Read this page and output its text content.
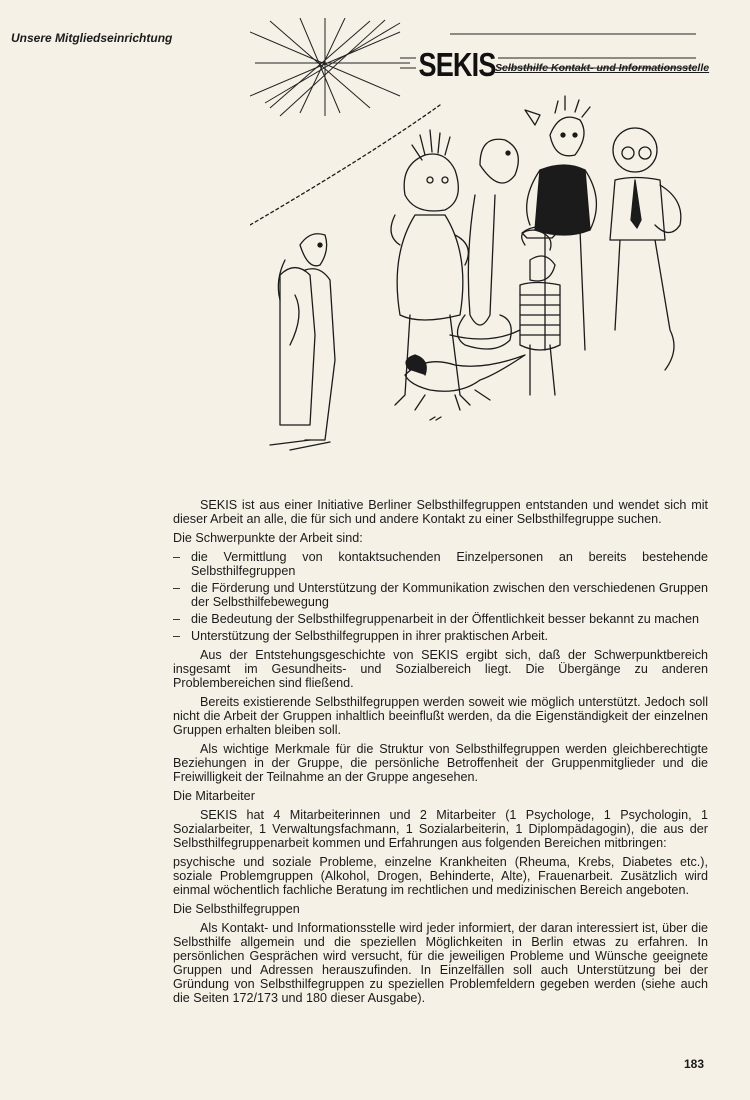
Unsere Mitgliedseinrichtung
SEKIS Selbsthilfe Kontakt- und Informationsstelle

SEKIS ist aus einer Initiative Berliner Selbsthilfegruppen entstanden und wendet sich mit dieser Arbeit an alle, die für sich und andere Kontakt zu einer Selbsthilfegruppe suchen.

Die Schwerpunkte der Arbeit sind:

– die Vermittlung von kontaktsuchenden Einzelpersonen an bereits bestehende Selbsthilfegruppen
– die Förderung und Unterstützung der Kommunikation zwischen den verschiedenen Gruppen der Selbsthilfebewegung
– die Bedeutung der Selbsthilfegruppenarbeit in der Öffentlichkeit besser bekannt zu machen
– Unterstützung der Selbsthilfegruppen in ihrer praktischen Arbeit.

Aus der Entstehungsgeschichte von SEKIS ergibt sich, daß der Schwerpunktbereich insgesamt im Gesundheits- und Sozialbereich liegt. Die Übergänge zu anderen Problembereichen sind fließend.

Bereits existierende Selbsthilfegruppen werden soweit wie möglich unterstützt. Jedoch soll nicht die Arbeit der Gruppen inhaltlich beeinflußt werden, da die Eigenständigkeit der einzelnen Gruppen erhalten bleiben soll.

Als wichtige Merkmale für die Struktur von Selbsthilfegruppen werden gleichberechtigte Beziehungen in der Gruppe, die persönliche Betroffenheit der Gruppenmitglieder und die Freiwilligkeit der Teilnahme an der Gruppe angesehen.

Die Mitarbeiter

SEKIS hat 4 Mitarbeiterinnen und 2 Mitarbeiter (1 Psychologe, 1 Psychologin, 1 Sozialarbeiter, 1 Verwaltungsfachmann, 1 Sozialarbeiterin, 1 Diplompädagogin), die aus der Selbsthilfegruppenarbeit kommen und Erfahrungen aus folgenden Bereichen mitbringen:

psychische und soziale Probleme, einzelne Krankheiten (Rheuma, Krebs, Diabetes etc.), soziale Problemgruppen (Alkohol, Drogen, Behinderte, Alte), Frauenarbeit. Zusätzlich wird einmal wöchentlich fachliche Beratung im rechtlichen und medizinischen Bereich angeboten.

Die Selbsthilfegruppen

Als Kontakt- und Informationsstelle wird jeder informiert, der daran interessiert ist, über die Selbsthilfe allgemein und die speziellen Möglichkeiten in Berlin etwas zu erfahren. In persönlichen Gesprächen wird versucht, für die jeweiligen Probleme und Wünsche geeignete Gruppen und Adressen herauszufinden. In Einzelfällen soll auch Unterstützung bei der Gründung von Selbsthilfegruppen zu speziellen Problemfeldern gegeben werden (siehe auch die Seiten 172/173 und 180 dieser Ausgabe).

183
